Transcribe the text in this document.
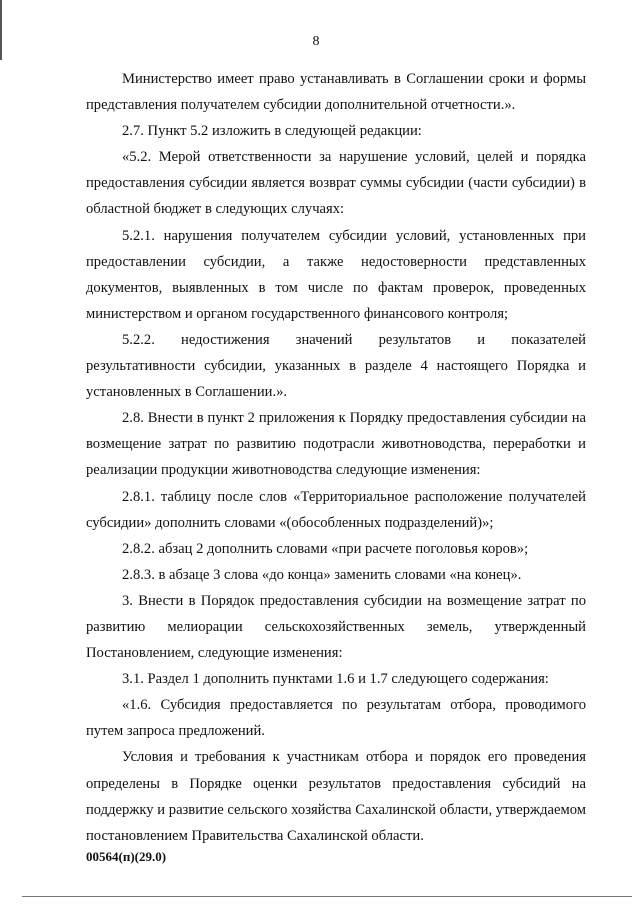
8

Министерство имеет право устанавливать в Соглашении сроки и формы представления получателем субсидии дополнительной отчетности.».

2.7. Пункт 5.2 изложить в следующей редакции:

«5.2. Мерой ответственности за нарушение условий, целей и порядка предоставления субсидии является возврат суммы субсидии (части субсидии) в областной бюджет в следующих случаях:

5.2.1. нарушения получателем субсидии условий, установленных при предоставлении субсидии, а также недостоверности представленных документов, выявленных в том числе по фактам проверок, проведенных министерством и органом государственного финансового контроля;

5.2.2. недостижения значений результатов и показателей результативности субсидии, указанных в разделе 4 настоящего Порядка и установленных в Соглашении.».

2.8. Внести в пункт 2 приложения к Порядку предоставления субсидии на возмещение затрат по развитию подотрасли животноводства, переработки и реализации продукции животноводства следующие изменения:

2.8.1. таблицу после слов «Территориальное расположение получателей субсидии» дополнить словами «(обособленных подразделений)»;

2.8.2. абзац 2 дополнить словами «при расчете поголовья коров»;

2.8.3. в абзаце 3 слова «до конца» заменить словами «на конец».

3. Внести в Порядок предоставления субсидии на возмещение затрат по развитию мелиорации сельскохозяйственных земель, утвержденный Постановлением, следующие изменения:

3.1. Раздел 1 дополнить пунктами 1.6 и 1.7 следующего содержания:

«1.6. Субсидия предоставляется по результатам отбора, проводимого путем запроса предложений.

Условия и требования к участникам отбора и порядок его проведения определены в Порядке оценки результатов предоставления субсидий на поддержку и развитие сельского хозяйства Сахалинской области, утверждаемом постановлением Правительства Сахалинской области.

00564(п)(29.0)
